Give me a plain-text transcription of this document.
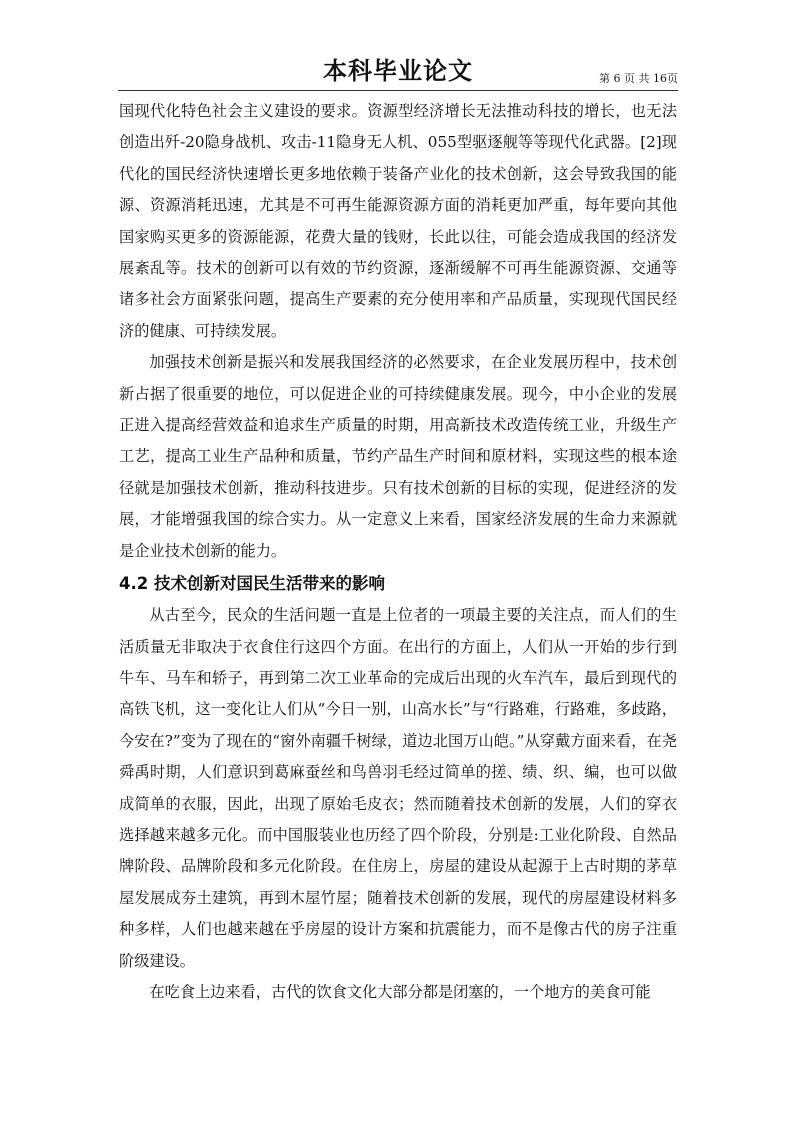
本科毕业论文	第 6 页 共 16页

国现代化特色社会主义建设的要求。资源型经济增长无法推动科技的增长，也无法创造出歼-20隐身战机、攻击-11隐身无人机、055型驱逐舰等等现代化武器。[2]现代化的国民经济快速增长更多地依赖于装备产业化的技术创新，这会导致我国的能源、资源消耗迅速，尤其是不可再生能源资源方面的消耗更加严重，每年要向其他国家购买更多的资源能源，花费大量的钱财，长此以往，可能会造成我国的经济发展紊乱等。技术的创新可以有效的节约资源，逐渐缓解不可再生能源资源、交通等诸多社会方面紧张问题，提高生产要素的充分使用率和产品质量，实现现代国民经济的健康、可持续发展。

加强技术创新是振兴和发展我国经济的必然要求，在企业发展历程中，技术创新占据了很重要的地位，可以促进企业的可持续健康发展。现今，中小企业的发展正进入提高经营效益和追求生产质量的时期，用高新技术改造传统工业，升级生产工艺，提高工业生产品种和质量，节约产品生产时间和原材料，实现这些的根本途径就是加强技术创新，推动科技进步。只有技术创新的目标的实现，促进经济的发展，才能增强我国的综合实力。从一定意义上来看，国家经济发展的生命力来源就是企业技术创新的能力。

4.2 技术创新对国民生活带来的影响

从古至今，民众的生活问题一直是上位者的一项最主要的关注点，而人们的生活质量无非取决于衣食住行这四个方面。在出行的方面上，人们从一开始的步行到牛车、马车和轿子，再到第二次工业革命的完成后出现的火车汽车，最后到现代的高铁飞机，这一变化让人们从“今日一别，山高水长”与“行路难，行路难，多歧路，今安在?”变为了现在的“窗外南疆千树绿，道边北国万山皑。”从穿戴方面来看，在尧舜禹时期，人们意识到葛麻蚕丝和鸟兽羽毛经过简单的搓、绩、织、编，也可以做成简单的衣服，因此，出现了原始毛皮衣；然而随着技术创新的发展，人们的穿衣选择越来越多元化。而中国服装业也历经了四个阶段，分别是:工业化阶段、自然品牌阶段、品牌阶段和多元化阶段。在住房上，房屋的建设从起源于上古时期的茅草屋发展成夯土建筑，再到木屋竹屋；随着技术创新的发展，现代的房屋建设材料多种多样，人们也越来越在乎房屋的设计方案和抗震能力，而不是像古代的房子注重阶级建设。

在吃食上边来看，古代的饮食文化大部分都是闭塞的，一个地方的美食可能
